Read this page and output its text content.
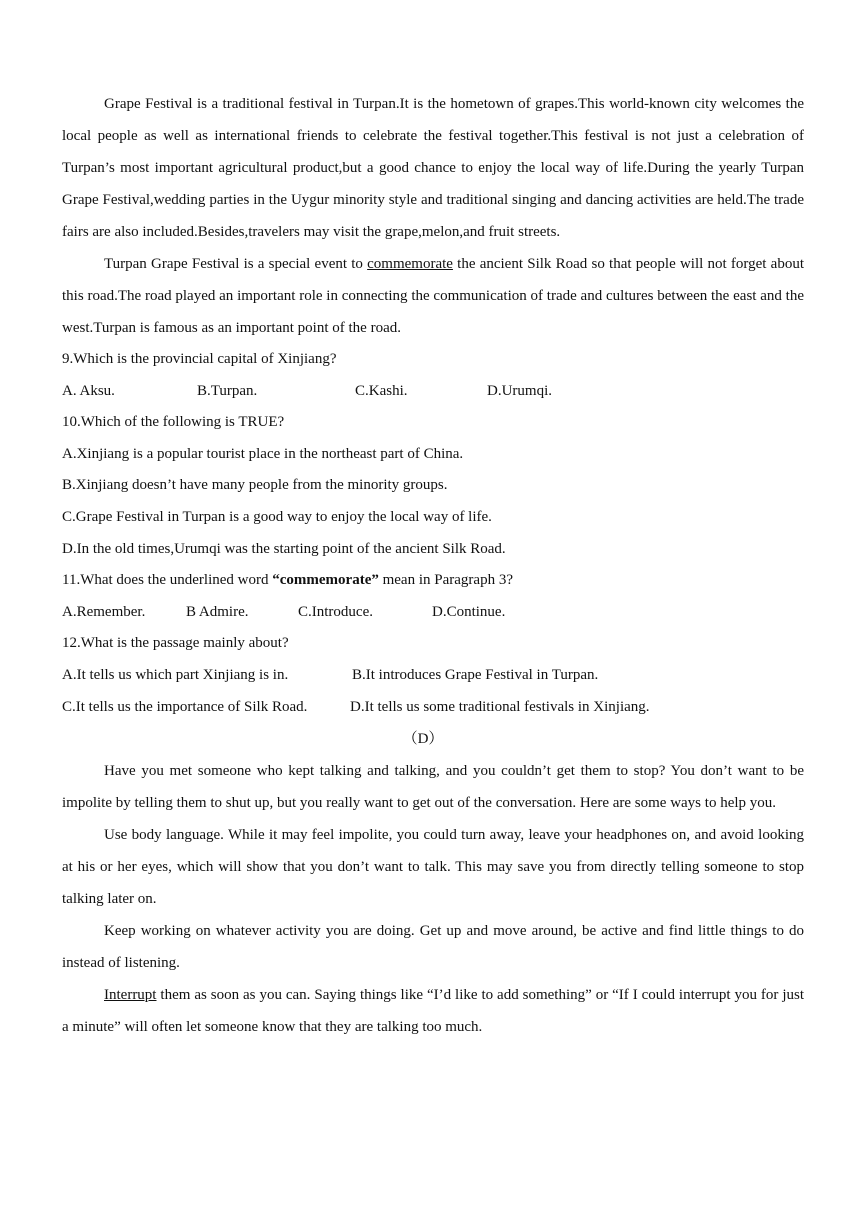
Grape Festival is a traditional festival in Turpan.It is the hometown of grapes.This world-known city welcomes the local people as well as international friends to celebrate the festival together.This festival is not just a celebration of Turpan’s most important agricultural product,but a good chance to enjoy the local way of life.During the yearly Turpan Grape Festival,wedding parties in the Uygur minority style and traditional singing and dancing activities are held.The trade fairs are also included.Besides,travelers may visit the grape,melon,and fruit streets.

Turpan Grape Festival is a special event to commemorate the ancient Silk Road so that people will not forget about this road.The road played an important role in connecting the communication of trade and cultures between the east and the west.Turpan is famous as an important point of the road.

9.Which is the provincial capital of Xinjiang?

A. Aksu.	B.Turpan.	C.Kashi.	D.Urumqi.

10.Which of the following is TRUE?

A.Xinjiang is a popular tourist place in the northeast part of China.

B.Xinjiang doesn’t have many people from the minority groups.

C.Grape Festival in Turpan is a good way to enjoy the local way of life.

D.In the old times,Urumqi was the starting point of the ancient Silk Road.

11.What does the underlined word “commemorate” mean in Paragraph 3?

A.Remember.	B Admire.	C.Introduce.	D.Continue.

12.What is the passage mainly about?

A.It tells us which part Xinjiang is in.	B.It introduces Grape Festival in Turpan.

C.It tells us the importance of Silk Road.	D.It tells us some traditional festivals in Xinjiang.

（D）

Have you met someone who kept talking and talking, and you couldn’t get them to stop? You don’t want to be impolite by telling them to shut up, but you really want to get out of the conversation. Here are some ways to help you.

Use body language. While it may feel impolite, you could turn away, leave your headphones on, and avoid looking at his or her eyes, which will show that you don’t want to talk. This may save you from directly telling someone to stop talking later on.

Keep working on whatever activity you are doing. Get up and move around, be active and find little things to do instead of listening.

Interrupt them as soon as you can. Saying things like “I’d like to add something” or “If I could interrupt you for just a minute” will often let someone know that they are talking too much.
